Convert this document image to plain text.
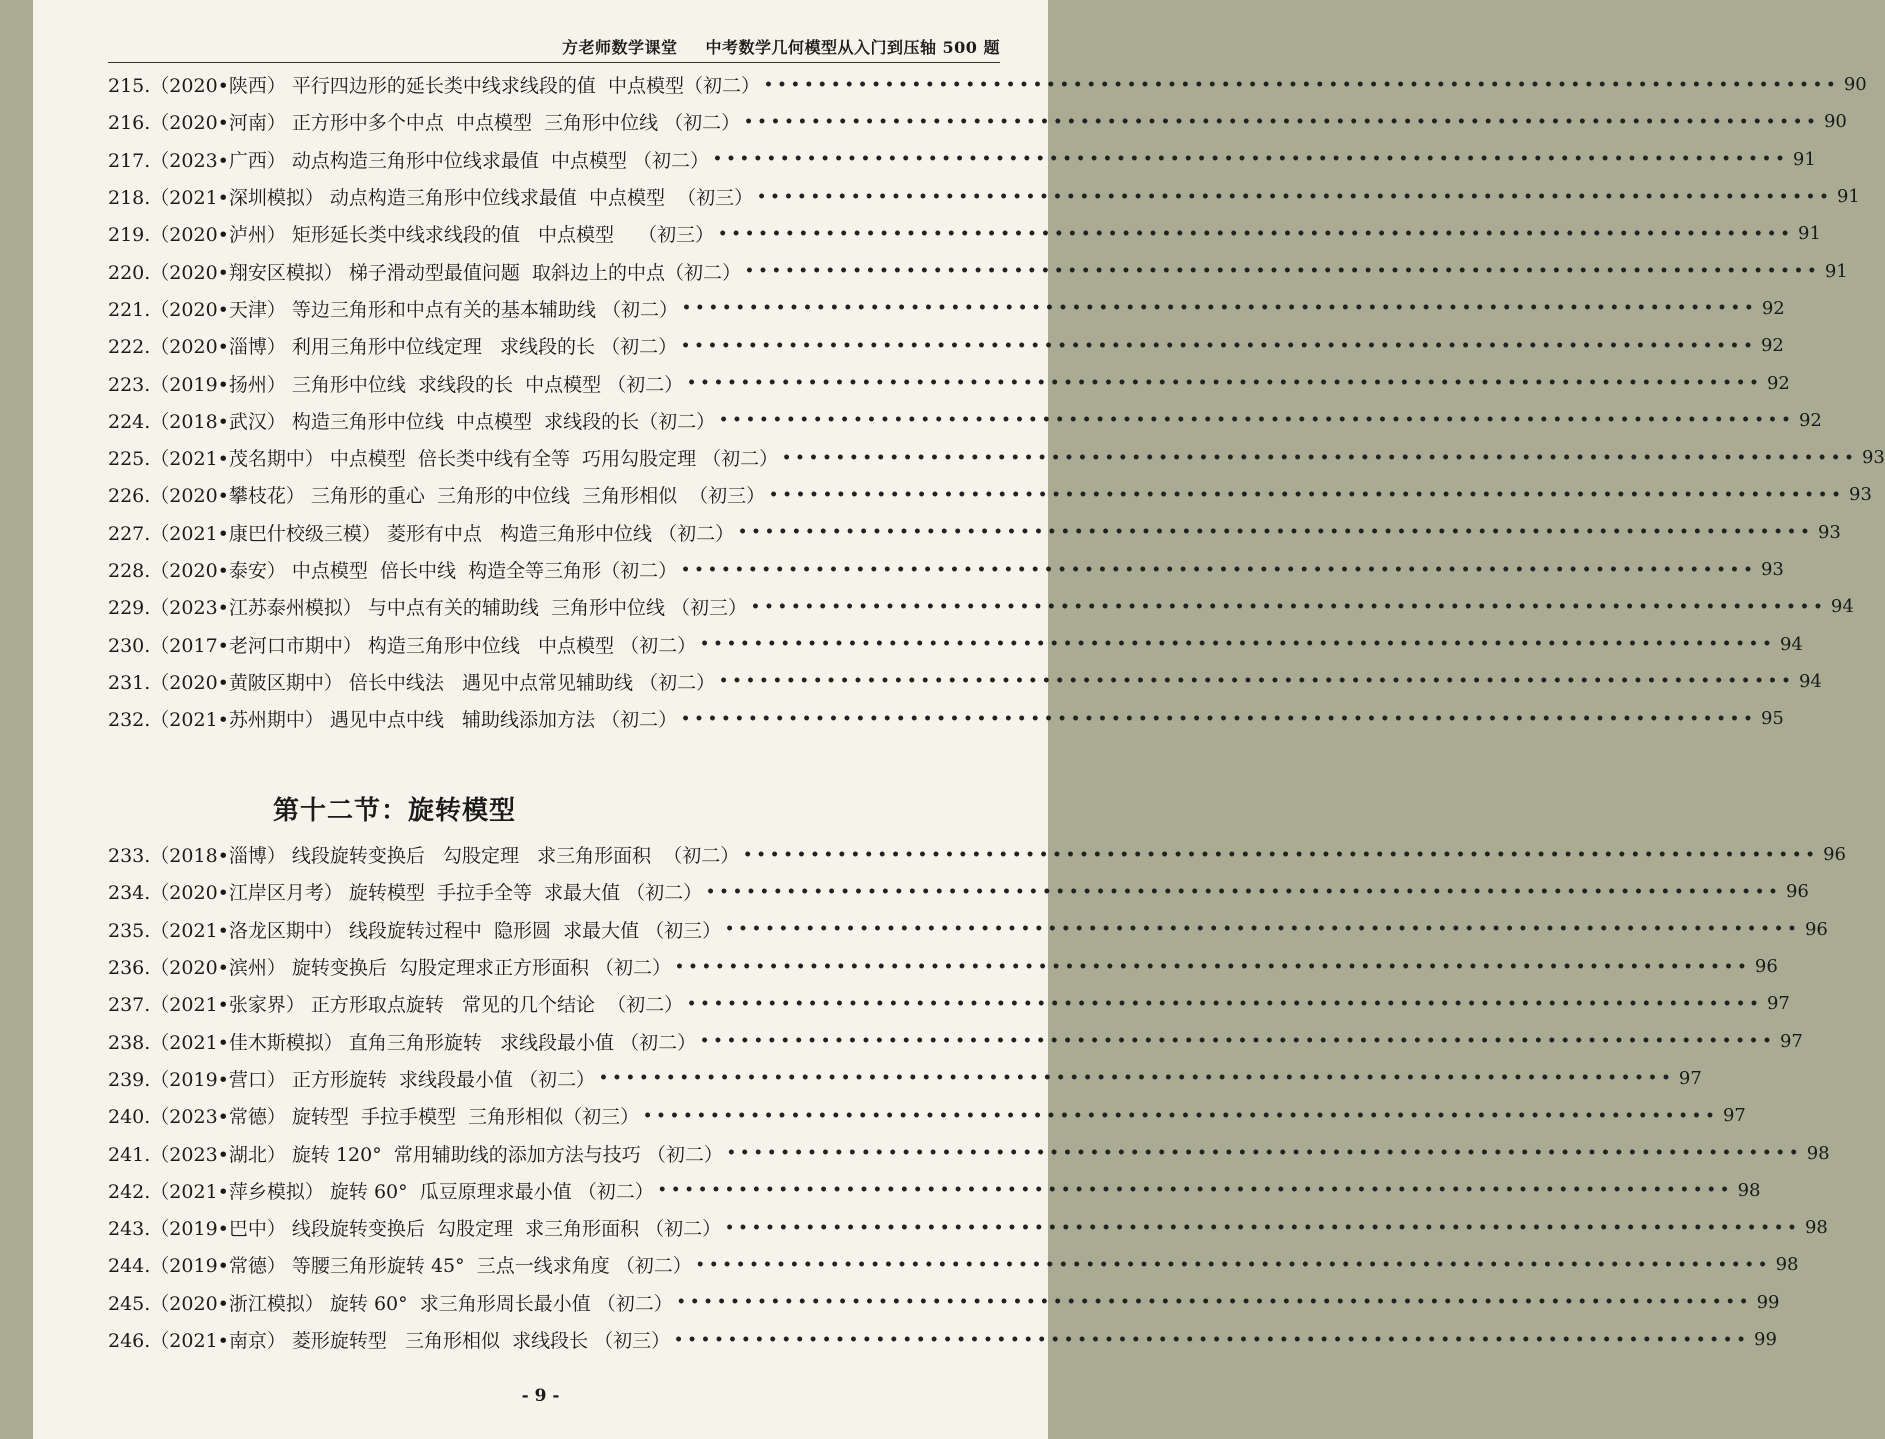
方老师数学课堂 中考数学几何模型从入门到压轴 500 题
215.（2020•陕西） 平行四边形的延长类中线求线段的值  中点模型（初二） •••••••••••••••••••••••••••••••••••••••••••••••••••••••••••••••••••••••••••••••• 90
216.（2020•河南） 正方形中多个中点  中点模型  三角形中位线 （初二） •••••••••••••••••••••••••••••••••••••••••••••••••••••••••••••••••••••••••••••••• 90
217.（2023•广西） 动点构造三角形中位线求最值  中点模型 （初二） •••••••••••••••••••••••••••••••••••••••••••••••••••••••••••••••••••••••••••••••• 91
218.（2021•深圳模拟） 动点构造三角形中位线求最值  中点模型  （初三） •••••••••••••••••••••••••••••••••••••••••••••••••••••••••••••••••••••••••••••••• 91
219.（2020•泸州） 矩形延长类中线求线段的值   中点模型    （初三） •••••••••••••••••••••••••••••••••••••••••••••••••••••••••••••••••••••••••••••••• 91
220.（2020•翔安区模拟） 梯子滑动型最值问题  取斜边上的中点（初二） •••••••••••••••••••••••••••••••••••••••••••••••••••••••••••••••••••••••••••••••• 91
221.（2020•天津） 等边三角形和中点有关的基本辅助线 （初二） •••••••••••••••••••••••••••••••••••••••••••••••••••••••••••••••••••••••••••••••• 92
222.（2020•淄博） 利用三角形中位线定理   求线段的长 （初二） •••••••••••••••••••••••••••••••••••••••••••••••••••••••••••••••••••••••••••••••• 92
223.（2019•扬州） 三角形中位线  求线段的长  中点模型 （初二） •••••••••••••••••••••••••••••••••••••••••••••••••••••••••••••••••••••••••••••••• 92
224.（2018•武汉） 构造三角形中位线  中点模型  求线段的长（初二） •••••••••••••••••••••••••••••••••••••••••••••••••••••••••••••••••••••••••••••••• 92
225.（2021•茂名期中） 中点模型  倍长类中线有全等  巧用勾股定理 （初二） •••••••••••••••••••••••••••••••••••••••••••••••••••••••••••••••••••••••••••••••• 93
226.（2020•攀枝花） 三角形的重心  三角形的中位线  三角形相似  （初三） •••••••••••••••••••••••••••••••••••••••••••••••••••••••••••••••••••••••••••••••• 93
227.（2021•康巴什校级三模） 菱形有中点   构造三角形中位线 （初二） •••••••••••••••••••••••••••••••••••••••••••••••••••••••••••••••••••••••••••••••• 93
228.（2020•泰安） 中点模型  倍长中线  构造全等三角形（初二） •••••••••••••••••••••••••••••••••••••••••••••••••••••••••••••••••••••••••••••••• 93
229.（2023•江苏泰州模拟） 与中点有关的辅助线  三角形中位线 （初三） •••••••••••••••••••••••••••••••••••••••••••••••••••••••••••••••••••••••••••••••• 94
230.（2017•老河口市期中） 构造三角形中位线   中点模型 （初二） •••••••••••••••••••••••••••••••••••••••••••••••••••••••••••••••••••••••••••••••• 94
231.（2020•黄陂区期中） 倍长中线法   遇见中点常见辅助线 （初二） •••••••••••••••••••••••••••••••••••••••••••••••••••••••••••••••••••••••••••••••• 94
232.（2021•苏州期中） 遇见中点中线   辅助线添加方法 （初二） •••••••••••••••••••••••••••••••••••••••••••••••••••••••••••••••••••••••••••••••• 95
第十二节：旋转模型
233.（2018•淄博） 线段旋转变换后   勾股定理   求三角形面积  （初二） •••••••••••••••••••••••••••••••••••••••••••••••••••••••••••••••••••••••••••••••• 96
234.（2020•江岸区月考） 旋转模型  手拉手全等  求最大值 （初二） •••••••••••••••••••••••••••••••••••••••••••••••••••••••••••••••••••••••••••••••• 96
235.（2021•洛龙区期中） 线段旋转过程中  隐形圆  求最大值 （初三） •••••••••••••••••••••••••••••••••••••••••••••••••••••••••••••••••••••••••••••••• 96
236.（2020•滨州） 旋转变换后  勾股定理求正方形面积 （初二） •••••••••••••••••••••••••••••••••••••••••••••••••••••••••••••••••••••••••••••••• 96
237.（2021•张家界） 正方形取点旋转   常见的几个结论  （初二） •••••••••••••••••••••••••••••••••••••••••••••••••••••••••••••••••••••••••••••••• 97
238.（2021•佳木斯模拟） 直角三角形旋转   求线段最小值 （初二） •••••••••••••••••••••••••••••••••••••••••••••••••••••••••••••••••••••••••••••••• 97
239.（2019•营口） 正方形旋转  求线段最小值 （初二） •••••••••••••••••••••••••••••••••••••••••••••••••••••••••••••••••••••••••••••••• 97
240.（2023•常德） 旋转型  手拉手模型  三角形相似（初三） •••••••••••••••••••••••••••••••••••••••••••••••••••••••••••••••••••••••••••••••• 97
241.（2023•湖北） 旋转 120°  常用辅助线的添加方法与技巧 （初二） •••••••••••••••••••••••••••••••••••••••••••••••••••••••••••••••••••••••••••••••• 98
242.（2021•萍乡模拟） 旋转 60°  瓜豆原理求最小值 （初二） •••••••••••••••••••••••••••••••••••••••••••••••••••••••••••••••••••••••••••••••• 98
243.（2019•巴中） 线段旋转变换后  勾股定理  求三角形面积 （初二） •••••••••••••••••••••••••••••••••••••••••••••••••••••••••••••••••••••••••••••••• 98
244.（2019•常德） 等腰三角形旋转 45°  三点一线求角度 （初二） •••••••••••••••••••••••••••••••••••••••••••••••••••••••••••••••••••••••••••••••• 98
245.（2020•浙江模拟） 旋转 60°  求三角形周长最小值 （初二） •••••••••••••••••••••••••••••••••••••••••••••••••••••••••••••••••••••••••••••••• 99
246.（2021•南京） 菱形旋转型   三角形相似  求线段长 （初三） •••••••••••••••••••••••••••••••••••••••••••••••••••••••••••••••••••••••••••••••• 99
- 9 -
